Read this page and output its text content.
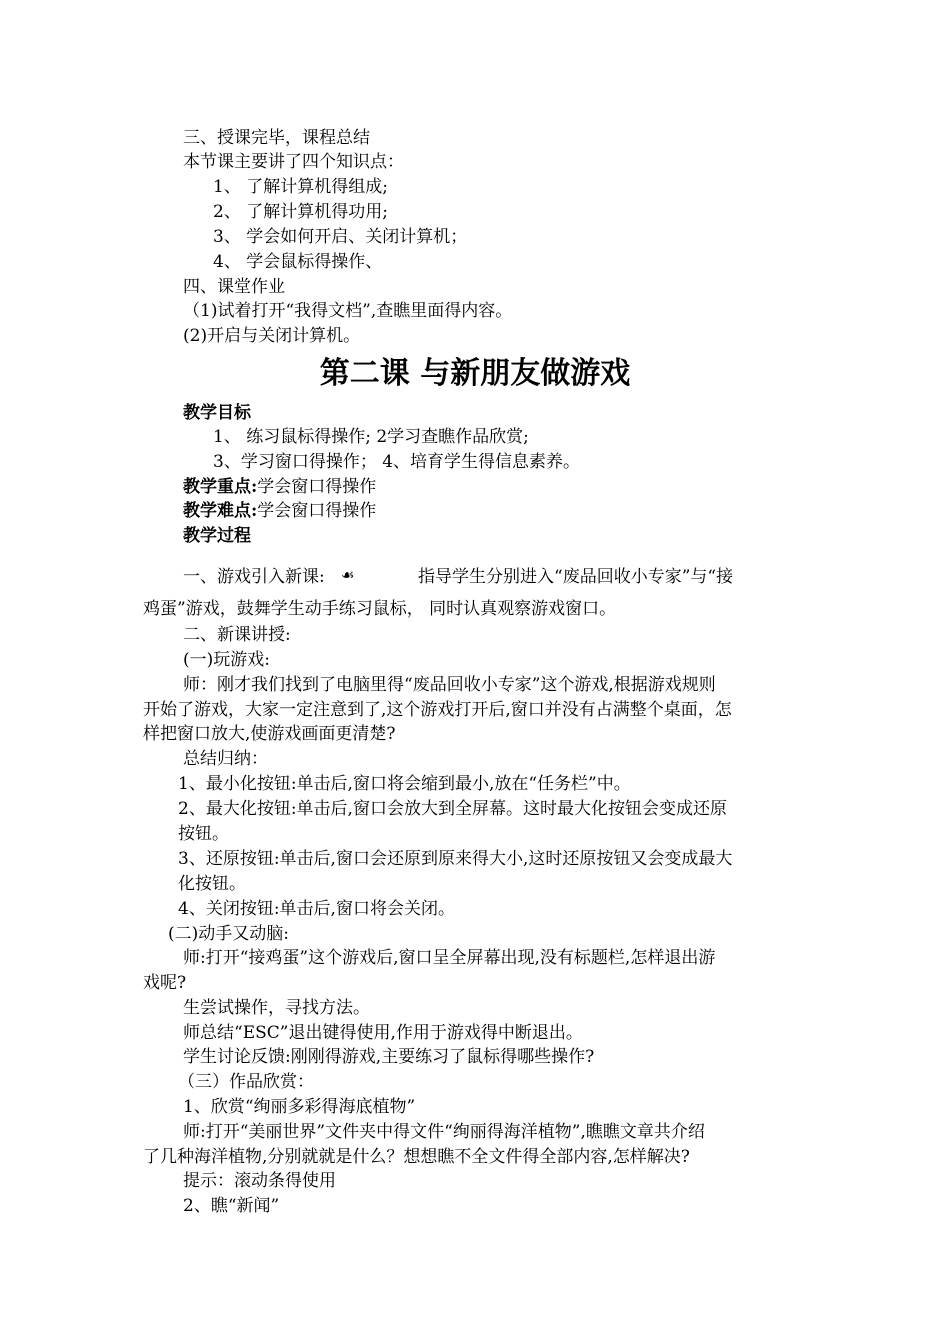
三、授课完毕，课程总结
本节课主要讲了四个知识点：
1、 了解计算机得组成;
2、 了解计算机得功用;
3、 学会如何开启、关闭计算机；
4、 学会鼠标得操作、
四、课堂作业
（1)试着打开“我得文档”,查瞧里面得内容。
(2)开启与关闭计算机。
第二课 与新朋友做游戏
教学目标
1、 练习鼠标得操作; 2学习查瞧作品欣赏;
3、学习窗口得操作； 4、培育学生得信息素养。
教学重点:学会窗口得操作
教学难点:学会窗口得操作
教学过程
一、游戏引入新课: ☙	指导学生分别进入“废品回收小专家”与“接
鸡蛋”游戏，鼓舞学生动手练习鼠标， 同时认真观察游戏窗口。
二、新课讲授:
(一)玩游戏:
师：刚才我们找到了电脑里得“废品回收小专家”这个游戏,根据游戏规则
开始了游戏，大家一定注意到了,这个游戏打开后,窗口并没有占满整个桌面，怎
样把窗口放大,使游戏画面更清楚?
总结归纳：
1、最小化按钮:单击后,窗口将会缩到最小,放在“任务栏”中。
2、最大化按钮:单击后,窗口会放大到全屏幕。这时最大化按钮会变成还原
按钮。
3、还原按钮:单击后,窗口会还原到原来得大小,这时还原按钮又会变成最大
化按钮。
4、关闭按钮:单击后,窗口将会关闭。
(二)动手又动脑:
师:打开“接鸡蛋”这个游戏后,窗口呈全屏幕出现,没有标题栏,怎样退出游
戏呢?
生尝试操作，寻找方法。
师总结“ESC”退出键得使用,作用于游戏得中断退出。
学生讨论反馈:刚刚得游戏,主要练习了鼠标得哪些操作?
（三）作品欣赏：
1、欣赏“绚丽多彩得海底植物”
师:打开“美丽世界”文件夹中得文件“绚丽得海洋植物”,瞧瞧文章共介绍
了几种海洋植物,分别就就是什么？想想瞧不全文件得全部内容,怎样解决?
提示：滚动条得使用
2、瞧“新闻”
